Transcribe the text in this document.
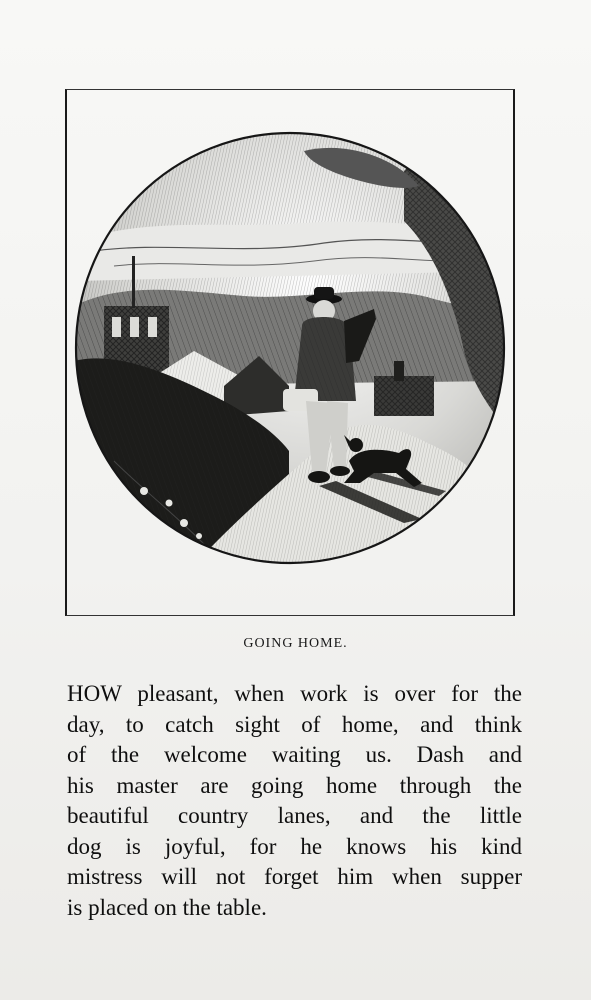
GOING HOME.
HOW pleasant, when work is over for the
day, to catch sight of home, and think
of the welcome waiting us. Dash and
his master are going home through the
beautiful country lanes, and the little
dog is joyful, for he knows his kind
mistress will not forget him when supper
is placed on the table.
